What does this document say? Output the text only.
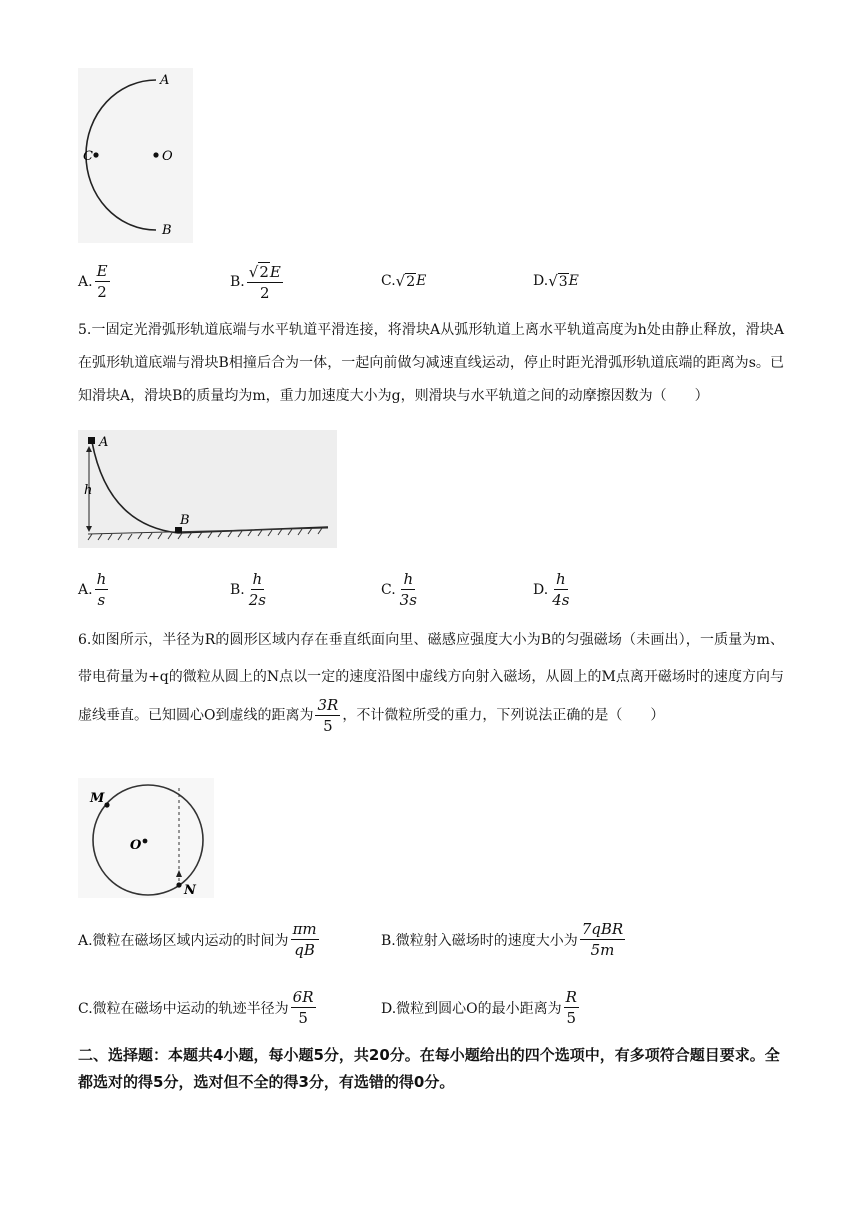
A
C	O
B
A. $\frac{E}{2}$	B. $\frac{√ 2 E}{2}$	C. √ 2 E	D. √ 3 E
5.一固定光滑弧形轨道底端与水平轨道平滑连接，将滑块A从弧形轨道上离水平轨道高度为h处由静止释放，滑块A在弧形轨道底端与滑块B相撞后合为一体，一起向前做匀减速直线运动，停止时距光滑弧形轨道底端的距离为s。已知滑块A，滑块B的质量均为m，重力加速度大小为g，则滑块与水平轨道之间的动摩擦因数为（　　）
A
h
B
A. $\frac{h}{s}$	B. $\frac{h}{2s}$	C. $\frac{h}{3s}$	D. $\frac{h}{4s}$
6.如图所示，半径为R的圆形区域内存在垂直纸面向里、磁感应强度大小为B的匀强磁场（未画出），一质量为m、带电荷量为+q的微粒从圆上的N点以一定的速度沿图中虚线方向射入磁场，从圆上的M点离开磁场时的速度方向与虚线垂直。已知圆心O到虚线的距离为 $\frac{3R}{5}$ ，不计微粒所受的重力，下列说法正确的是（　　）
M
O
N
A.微粒在磁场区域内运动的时间为 $\frac{\pi m}{qB}$	B.微粒射入磁场时的速度大小为 $\frac{\text{7qBR}}{5m}$
C.微粒在磁场中运动的轨迹半径为 $\frac{6R}{5}$	D.微粒到圆心O的最小距离为 $\frac{R}{5}$
二、选择题：本题共4小题，每小题5分，共20分。在每小题给出的四个选项中，有多项符合题目要求。全都选对的得5分，选对但不全的得3分，有选错的得0分。
